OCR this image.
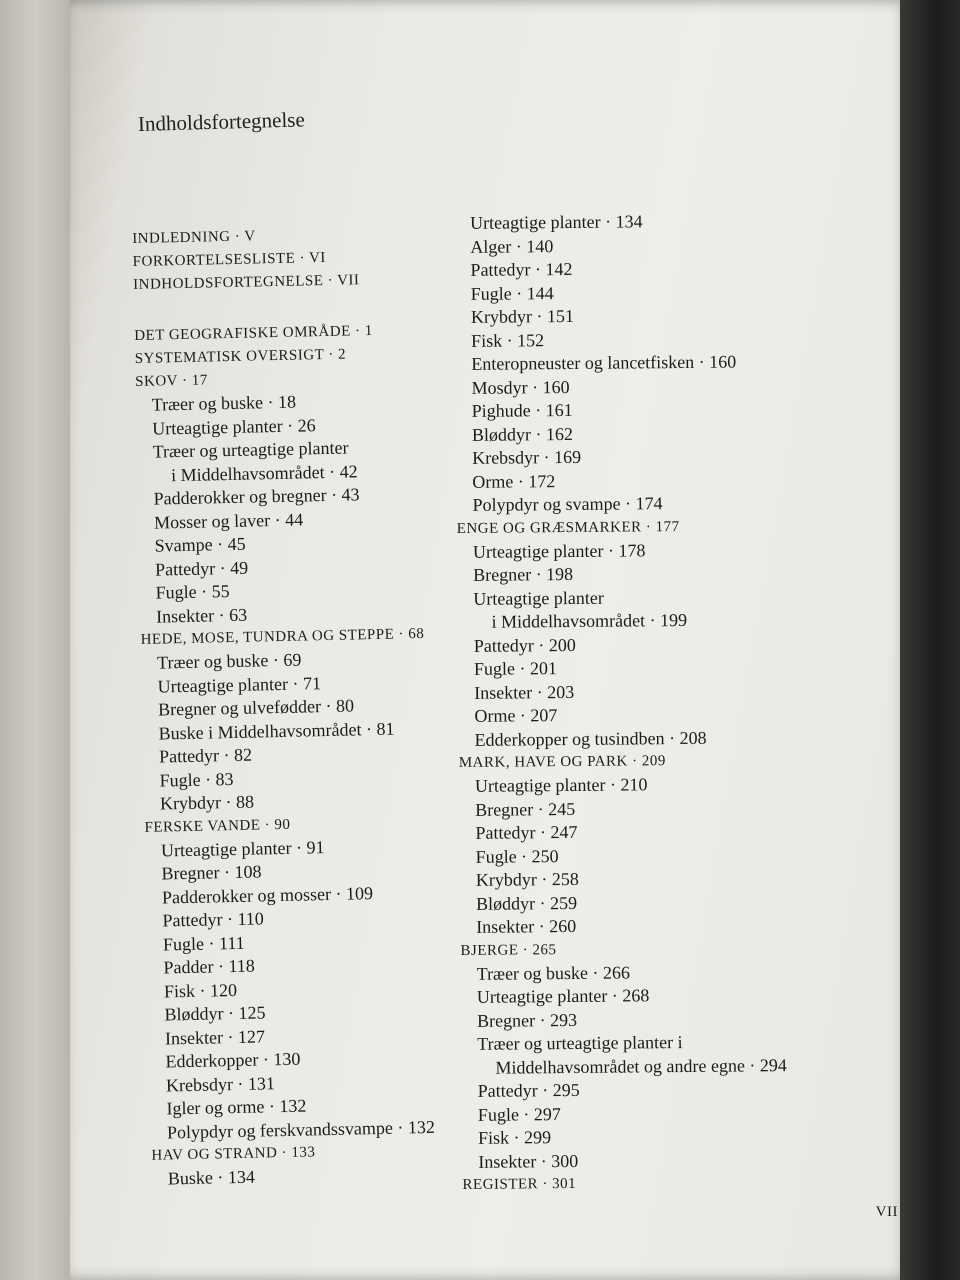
Indholdsfortegnelse
INDLEDNING · V
FORKORTELSESLISTE · VI
INDHOLDSFORTEGNELSE · VII
DET GEOGRAFISKE OMRÅDE · 1
SYSTEMATISK OVERSIGT · 2
SKOV · 17
Træer og buske · 18
Urteagtige planter · 26
Træer og urteagtige planter
i Middelhavsområdet · 42
Padderokker og bregner · 43
Mosser og laver · 44
Svampe · 45
Pattedyr · 49
Fugle · 55
Insekter · 63
HEDE, MOSE, TUNDRA OG STEPPE · 68
Træer og buske · 69
Urteagtige planter · 71
Bregner og ulvefødder · 80
Buske i Middelhavsområdet · 81
Pattedyr · 82
Fugle · 83
Krybdyr · 88
FERSKE VANDE · 90
Urteagtige planter · 91
Bregner · 108
Padderokker og mosser · 109
Pattedyr · 110
Fugle · 111
Padder · 118
Fisk · 120
Bløddyr · 125
Insekter · 127
Edderkopper · 130
Krebsdyr · 131
Igler og orme · 132
Polypdyr og ferskvandssvampe · 132
HAV OG STRAND · 133
Buske · 134
Urteagtige planter · 134
Alger · 140
Pattedyr · 142
Fugle · 144
Krybdyr · 151
Fisk · 152
Enteropneuster og lancetfisken · 160
Mosdyr · 160
Pighude · 161
Bløddyr · 162
Krebsdyr · 169
Orme · 172
Polypdyr og svampe · 174
ENGE OG GRÆSMARKER · 177
Urteagtige planter · 178
Bregner · 198
Urteagtige planter
i Middelhavsområdet · 199
Pattedyr · 200
Fugle · 201
Insekter · 203
Orme · 207
Edderkopper og tusindben · 208
MARK, HAVE OG PARK · 209
Urteagtige planter · 210
Bregner · 245
Pattedyr · 247
Fugle · 250
Krybdyr · 258
Bløddyr · 259
Insekter · 260
BJERGE · 265
Træer og buske · 266
Urteagtige planter · 268
Bregner · 293
Træer og urteagtige planter i
Middelhavsområdet og andre egne · 294
Pattedyr · 295
Fugle · 297
Fisk · 299
Insekter · 300
REGISTER · 301
VII
